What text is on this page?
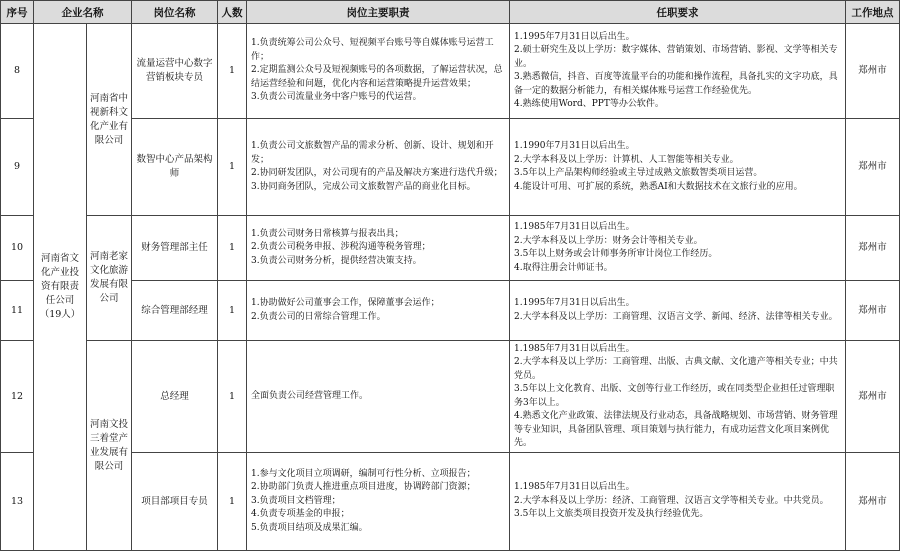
序号	企业名称		岗位名称	人数	岗位主要职责	任职要求	工作地点
8	河南省文化产业投资有限责任公司（19人）	河南省中视新科文化产业有限公司	流量运营中心数字营销板块专员	1	1.负责统筹公司公众号、短视频平台账号等自媒体账号运营工作；
2.定期监测公众号及短视频账号的各项数据，了解运营状况，总结运营经验和问题，优化内容和运营策略提升运营效果；
3.负责公司流量业务中客户账号的代运营。	1.1995年7月31日以后出生。
2.硕士研究生及以上学历：数字媒体、营销策划、市场营销、影视、文学等相关专业。
3.熟悉微信，抖音、百度等流量平台的功能和操作流程，具备扎实的文字功底，具备一定的数据分析能力，有相关媒体账号运营工作经验优先。
4.熟练使用Word、PPT等办公软件。	郑州市
9			数智中心产品架构师	1	1.负责公司文旅数智产品的需求分析、创新、设计、规划和开发；
2.协同研发团队，对公司现有的产品及解决方案进行迭代升级；
3.协同商务团队，完成公司文旅数智产品的商业化目标。	1.1990年7月31日以后出生。
2.大学本科及以上学历：计算机、人工智能等相关专业。
3.5年以上产品架构师经验或主导过成熟文旅数智类项目运营。
4.能设计可用、可扩展的系统，熟悉AI和大数据技术在文旅行业的应用。	郑州市
10		河南老家文化旅游发展有限公司	财务管理部主任	1	1.负责公司财务日常核算与报表出具；
2.负责公司税务申报、涉税沟通等税务管理；
3.负责公司财务分析，提供经营决策支持。	1.1985年7月31日以后出生。
2.大学本科及以上学历：财务会计等相关专业。
3.5年以上财务或会计师事务所审计岗位工作经历。
4.取得注册会计师证书。	郑州市
11			综合管理部经理	1	1.协助做好公司董事会工作，保障董事会运作；
2.负责公司的日常综合管理工作。	1.1995年7月31日以后出生。
2.大学本科及以上学历：工商管理、汉语言文学、新闻、经济、法律等相关专业。	郑州市
12		河南文投三着堂产业发展有限公司	总经理	1	全面负责公司经营管理工作。	1.1985年7月31日以后出生。
2.大学本科及以上学历：工商管理、出版、古典文献、文化遗产等相关专业；中共党员。
3.5年以上文化教育、出版、文创等行业工作经历，或在同类型企业担任过管理职务3年以上。
4.熟悉文化产业政策、法律法规及行业动态，具备战略规划、市场营销、财务管理等专业知识，具备团队管理、项目策划与执行能力，有成功运营文化项目案例优先。	郑州市
13			项目部项目专员	1	1.参与文化项目立项调研，编制可行性分析、立项报告；
2.协助部门负责人推进重点项目进度，协调跨部门资源；
3.负责项目文档管理；
4.负责专项基金的申报；
5.负责项目结项及成果汇编。	1.1985年7月31日以后出生。
2.大学本科及以上学历：经济、工商管理、汉语言文学等相关专业。中共党员。
3.5年以上文旅类项目投资开发及执行经验优先。	郑州市
